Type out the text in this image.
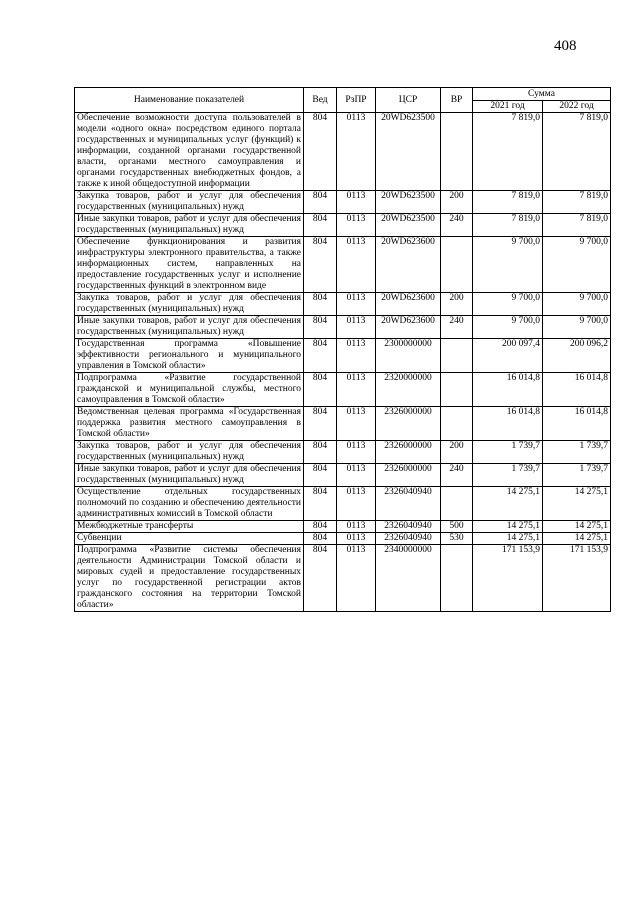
408
Наименование показателей	Вед	РзПР	ЦСР	ВР	Сумма	
					2021 год	2022 год
Обеспечение возможности доступа пользователей в модели «одного окна» посредством единого портала государственных и муниципальных услуг (функций) к информации, созданной органами государственной власти, органами местного самоуправления и органами государственных внебюджетных фондов, а также к иной общедоступной информации	804	0113	20WD623500		7 819,0	7 819,0
Закупка товаров, работ и услуг для обеспечения государственных (муниципальных) нужд	804	0113	20WD623500	200	7 819,0	7 819,0
Иные закупки товаров, работ и услуг для обеспечения государственных (муниципальных) нужд	804	0113	20WD623500	240	7 819,0	7 819,0
Обеспечение функционирования и развития инфраструктуры электронного правительства, а также информационных систем, направленных на предоставление государственных услуг и исполнение государственных функций в электронном виде	804	0113	20WD623600		9 700,0	9 700,0
Закупка товаров, работ и услуг для обеспечения государственных (муниципальных) нужд	804	0113	20WD623600	200	9 700,0	9 700,0
Иные закупки товаров, работ и услуг для обеспечения государственных (муниципальных) нужд	804	0113	20WD623600	240	9 700,0	9 700,0
Государственная программа «Повышение эффективности регионального и муниципального управления в Томской области»	804	0113	2300000000		200 097,4	200 096,2
Подпрограмма «Развитие государственной гражданской и муниципальной службы, местного самоуправления в Томской области»	804	0113	2320000000		16 014,8	16 014,8
Ведомственная целевая программа «Государственная поддержка развития местного самоуправления в Томской области»	804	0113	2326000000		16 014,8	16 014,8
Закупка товаров, работ и услуг для обеспечения государственных (муниципальных) нужд	804	0113	2326000000	200	1 739,7	1 739,7
Иные закупки товаров, работ и услуг для обеспечения государственных (муниципальных) нужд	804	0113	2326000000	240	1 739,7	1 739,7
Осуществление отдельных государственных полномочий по созданию и обеспечению деятельности административных комиссий в Томской области	804	0113	2326040940		14 275,1	14 275,1
Межбюджетные трансферты	804	0113	2326040940	500	14 275,1	14 275,1
Субвенции	804	0113	2326040940	530	14 275,1	14 275,1
Подпрограмма «Развитие системы обеспечения деятельности Администрации Томской области и мировых судей и предоставление государственных услуг по государственной регистрации актов гражданского состояния на территории Томской области»	804	0113	2340000000		171 153,9	171 153,9
